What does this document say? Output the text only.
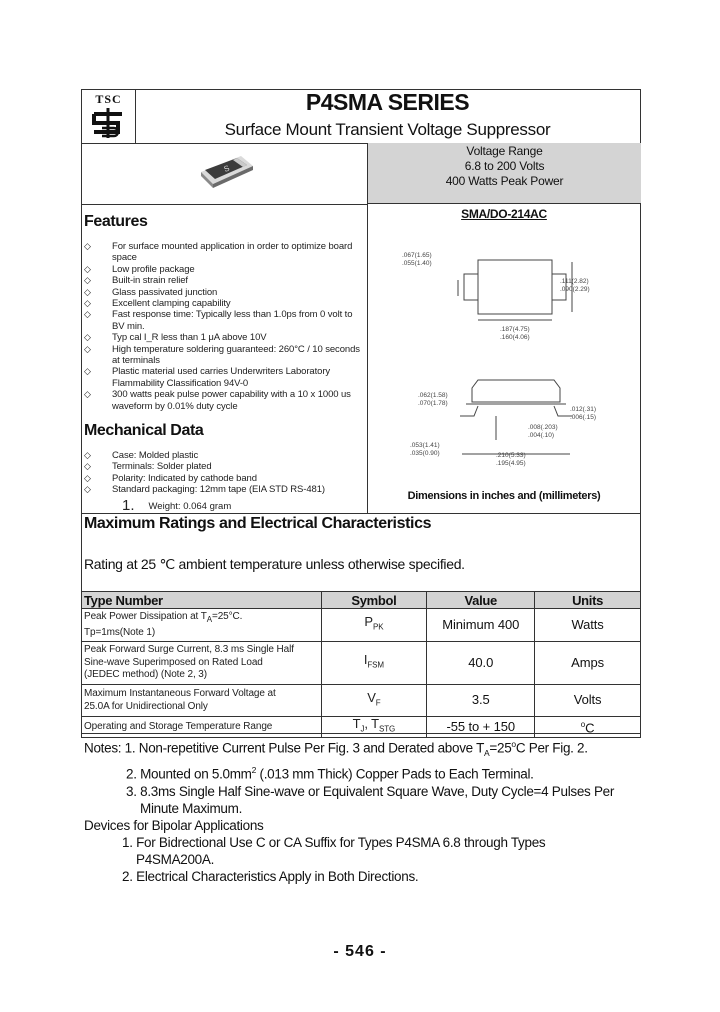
TSC	P4SMA SERIES
Surface Mount Transient Voltage Suppressor
Voltage Range
6.8 to 200 Volts
400 Watts Peak Power
S
Features
◇ For surface mounted application in order to optimize board space
◇ Low profile package
◇ Built-in strain relief
◇ Glass passivated junction
◇ Excellent clamping capability
◇ Fast response time: Typically less than 1.0ps from 0 volt to BV min.
◇ Typ cal I_R less than 1 μA above 10V
◇ High temperature soldering guaranteed: 260°C / 10 seconds at terminals
◇ Plastic material used carries Underwriters Laboratory Flammability Classification 94V-0
◇ 300 watts peak pulse power capability with a 10 x 1000 us waveform by 0.01% duty cycle
Mechanical Data
◇ Case: Molded plastic
◇ Terminals: Solder plated
◇ Polarity: Indicated by cathode band
◇ Standard packaging: 12mm tape (EIA STD RS-481)
1. Weight: 0.064 gram
SMA/DO-214AC
.067(1.65)
.055(1.40)
.111(2.82)
.090(2.29)
.187(4.75)
.160(4.06)
.062(1.58)
.070(1.78)
.012(.31)
.006(.15)
.008(.203)
.004(.10)
.053(1.41)
.035(0.90)	.210(5.33)
.195(4.95)
Dimensions in inches and (millimeters)
Maximum Ratings and Electrical Characteristics
Rating at 25 ℃ ambient temperature unless otherwise specified.
Type Number	Symbol	Value	Units
Peak Power Dissipation at $T_A=25^\circ C$.
Tp=1ms(Note 1)	$P_{PK}$	Minimum 400	Watts
Peak Forward Surge Current, 8.3 ms Single Half
Sine-wave Superimposed on Rated Load
(JEDEC method) (Note 2, 3)	$I_{FSM}$	40.0	Amps
Maximum Instantaneous Forward Voltage at
25.0A for Unidirectional Only	$V_F$	3.5	Volts
Operating and Storage Temperature Range	$T_J$, $T_{STG}$	-55 to + 150	$^o$C
Notes: 1. Non-repetitive Current Pulse Per Fig. 3 and Derated above $T_A=25^oC$ Per Fig. 2.
2. Mounted on $5.0mm^2$ (.013 mm Thick) Copper Pads to Each Terminal.
3. 8.3ms Single Half Sine-wave or Equivalent Square Wave, Duty Cycle=4 Pulses Per
Minute Maximum.
Devices for Bipolar Applications
1. For Bidrectional Use C or CA Suffix for Types P4SMA 6.8 through Types
P4SMA200A.
2. Electrical Characteristics Apply in Both Directions.
- 546 -
